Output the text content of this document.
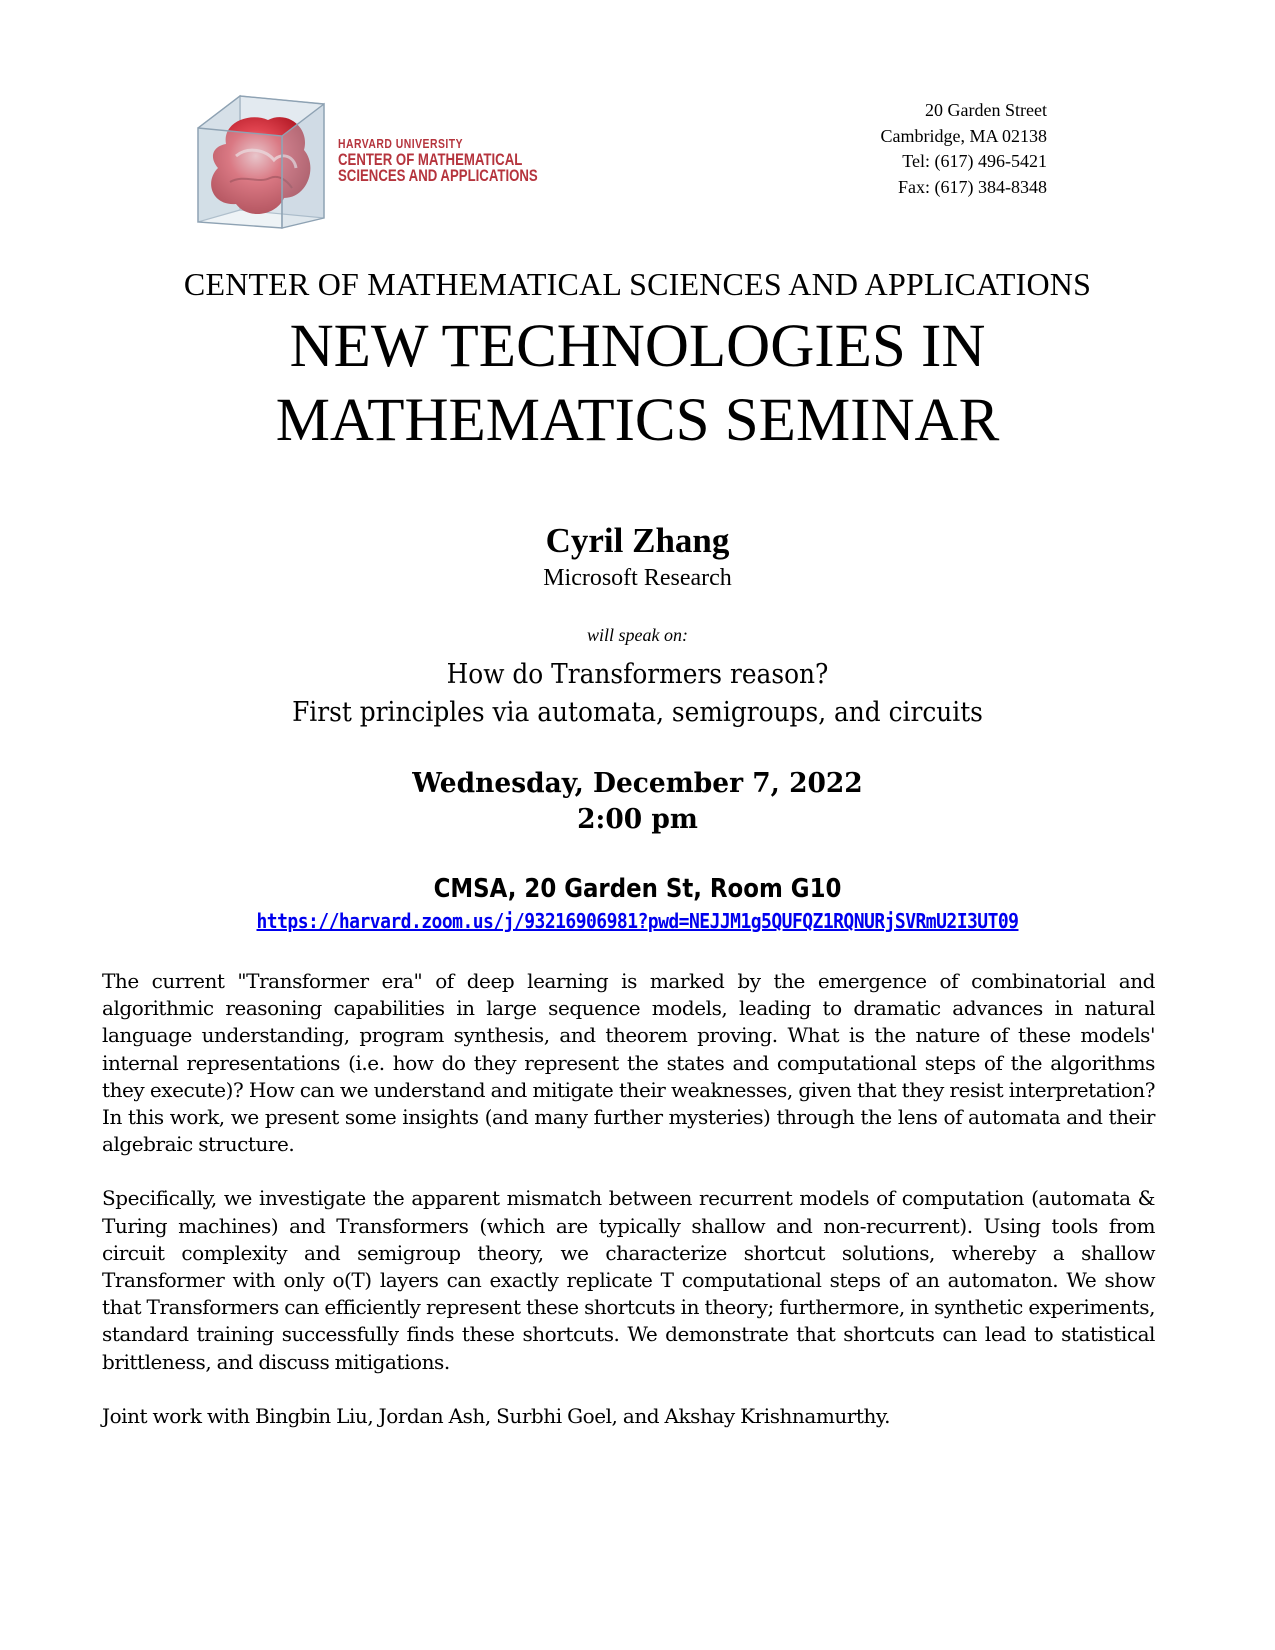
HARVARD UNIVERSITY
CENTER OF MATHEMATICAL
SCIENCES AND APPLICATIONS
20 Garden Street
Cambridge, MA 02138
Tel: (617) 496-5421
Fax: (617) 384-8348
CENTER OF MATHEMATICAL SCIENCES AND APPLICATIONS
NEW TECHNOLOGIES IN
MATHEMATICS SEMINAR
Cyril Zhang
Microsoft Research
will speak on:
How do Transformers reason?
First principles via automata, semigroups, and circuits
Wednesday, December 7, 2022
2:00 pm
CMSA, 20 Garden St, Room G10
https://harvard.zoom.us/j/93216906981?pwd=NEJJM1g5QUFQZ1RQNURjSVRmU2I3UT09

The current "Transformer era" of deep learning is marked by the emergence of combinatorial and algorithmic reasoning capabilities in large sequence models, leading to dramatic advances in natural language understanding, program synthesis, and theorem proving. What is the nature of these models' internal representations (i.e. how do they represent the states and computational steps of the algorithms they execute)? How can we understand and mitigate their weaknesses, given that they resist interpretation? In this work, we present some insights (and many further mysteries) through the lens of automata and their algebraic structure.

Specifically, we investigate the apparent mismatch between recurrent models of computation (automata & Turing machines) and Transformers (which are typically shallow and non-recurrent). Using tools from circuit complexity and semigroup theory, we characterize shortcut solutions, whereby a shallow Transformer with only o(T) layers can exactly replicate T computational steps of an automaton. We show that Transformers can efficiently represent these shortcuts in theory; furthermore, in synthetic experiments, standard training successfully finds these shortcuts. We demonstrate that shortcuts can lead to statistical brittleness, and discuss mitigations.

Joint work with Bingbin Liu, Jordan Ash, Surbhi Goel, and Akshay Krishnamurthy.
